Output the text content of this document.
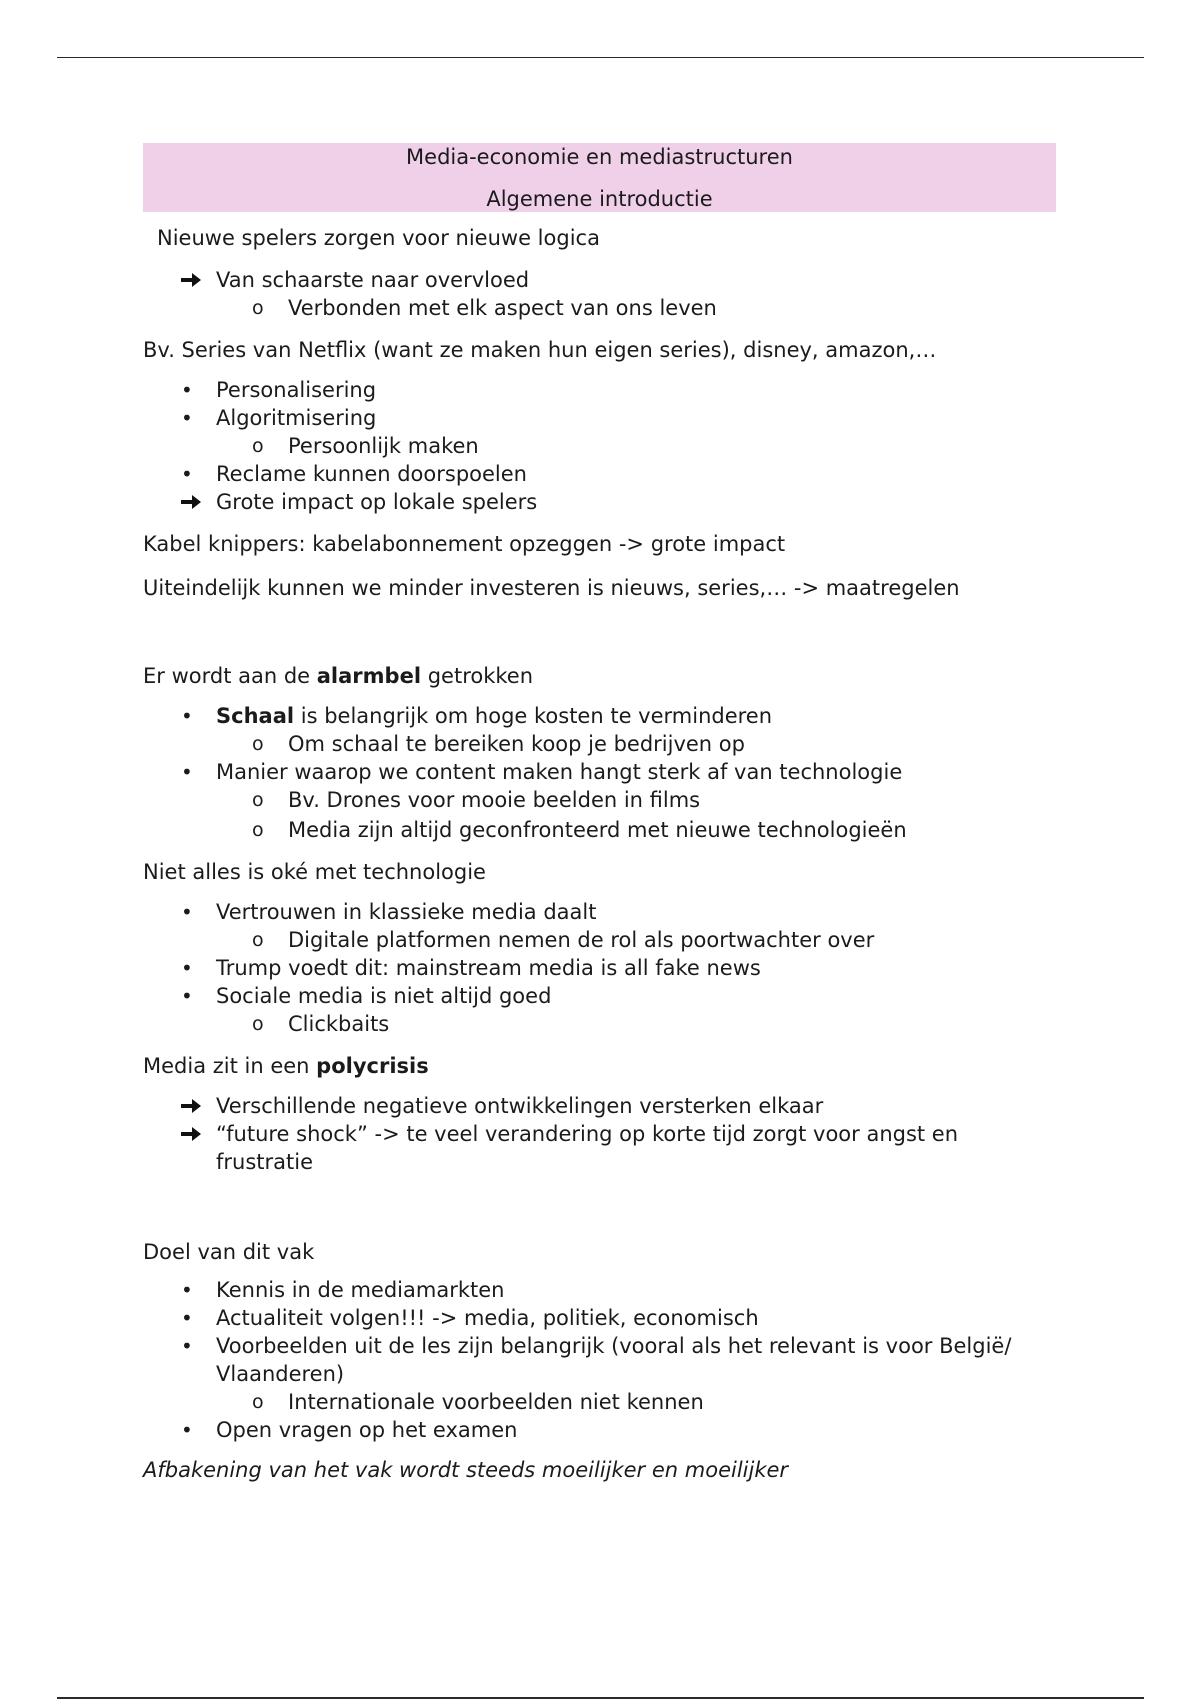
Media-economie en mediastructuren
Algemene introductie

Nieuwe spelers zorgen voor nieuwe logica

Van schaarste naar overvloed
o Verbonden met elk aspect van ons leven

Bv. Series van Netflix (want ze maken hun eigen series), disney, amazon,…

• Personalisering
• Algoritmisering
o Persoonlijk maken
• Reclame kunnen doorspoelen
Grote impact op lokale spelers

Kabel knippers: kabelabonnement opzeggen -> grote impact

Uiteindelijk kunnen we minder investeren is nieuws, series,… -> maatregelen

Er wordt aan de alarmbel getrokken

• Schaal is belangrijk om hoge kosten te verminderen
o Om schaal te bereiken koop je bedrijven op
• Manier waarop we content maken hangt sterk af van technologie
o Bv. Drones voor mooie beelden in films
o Media zijn altijd geconfronteerd met nieuwe technologieën

Niet alles is oké met technologie

• Vertrouwen in klassieke media daalt
o Digitale platformen nemen de rol als poortwachter over
• Trump voedt dit: mainstream media is all fake news
• Sociale media is niet altijd goed
o Clickbaits

Media zit in een polycrisis

Verschillende negatieve ontwikkelingen versterken elkaar
“future shock” -> te veel verandering op korte tijd zorgt voor angst en
frustratie

Doel van dit vak

• Kennis in de mediamarkten
• Actualiteit volgen!!! -> media, politiek, economisch
• Voorbeelden uit de les zijn belangrijk (vooral als het relevant is voor België/
Vlaanderen)
o Internationale voorbeelden niet kennen
• Open vragen op het examen

Afbakening van het vak wordt steeds moeilijker en moeilijker
